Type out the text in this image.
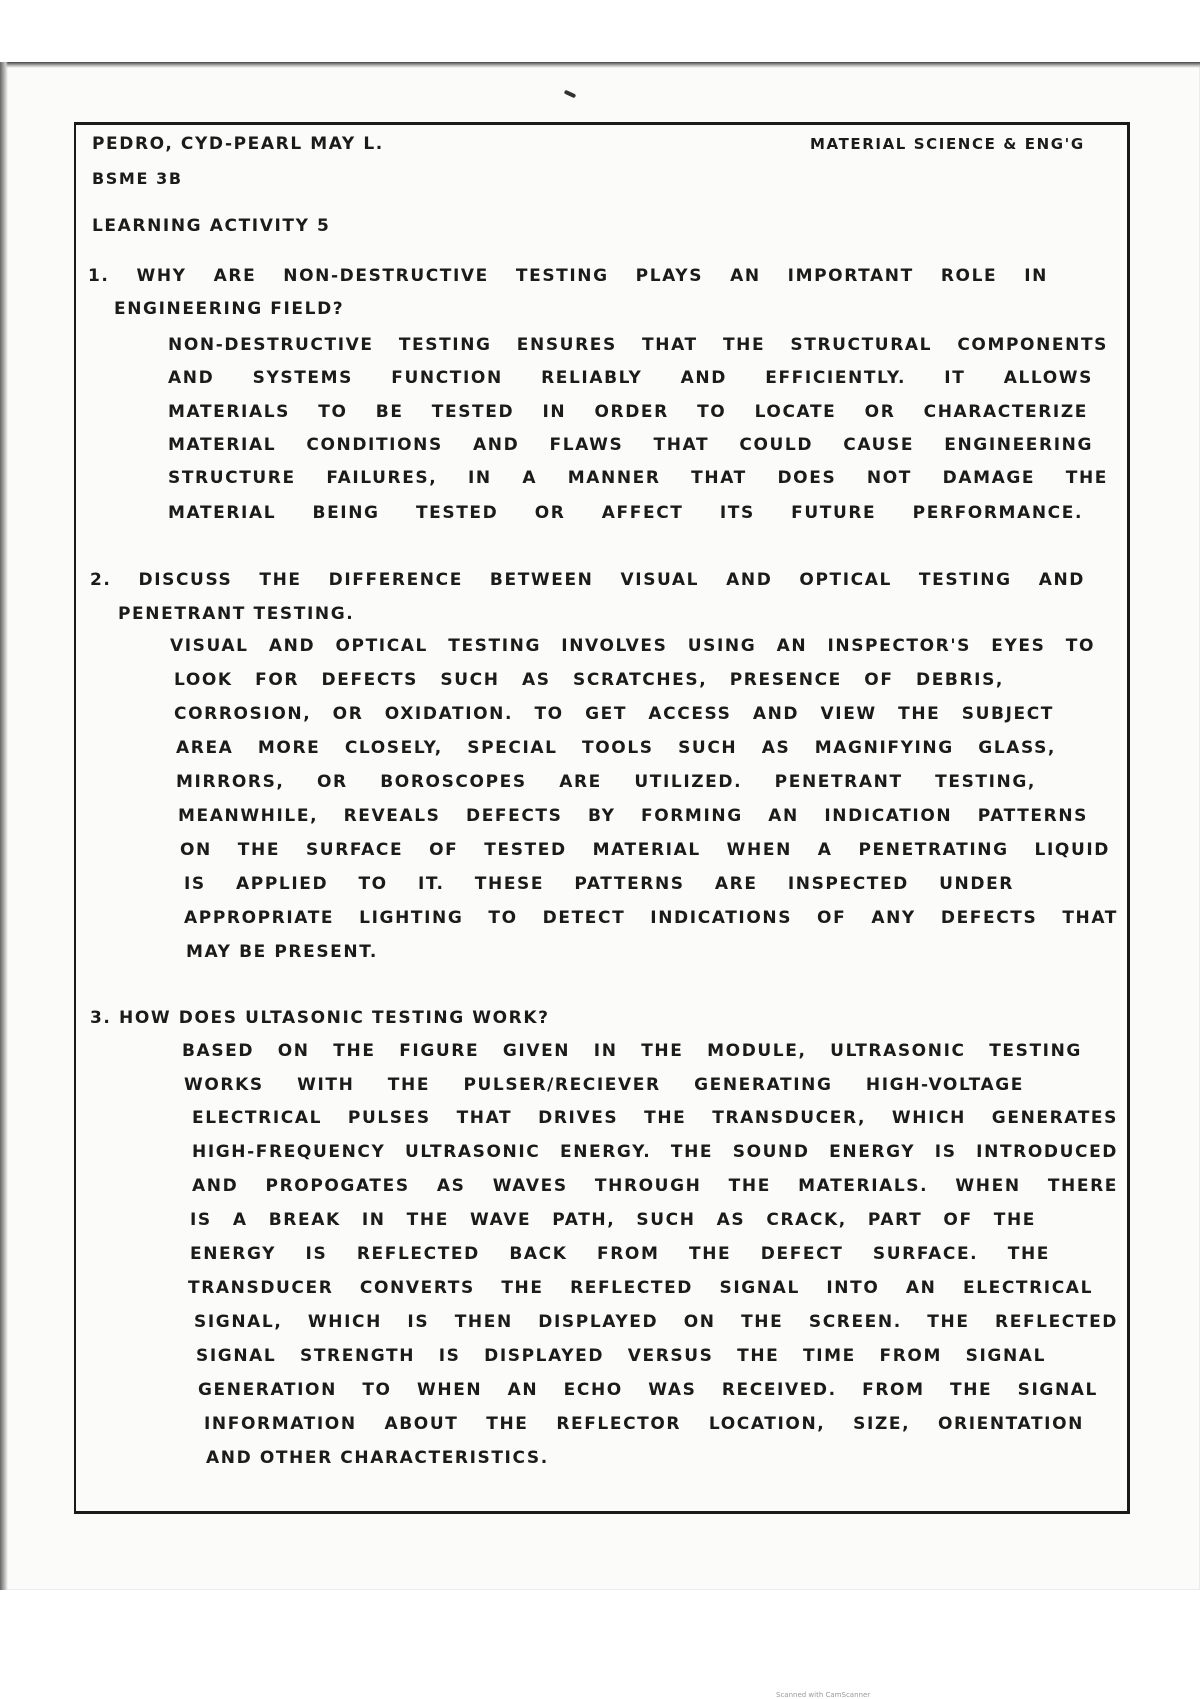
PEDRO, CYD-PEARL MAY L.	MATERIAL SCIENCE & ENG'G
BSME 3B
LEARNING ACTIVITY 5
1. WHY ARE NON-DESTRUCTIVE TESTING PLAYS AN IMPORTANT ROLE IN
ENGINEERING FIELD?
NON-DESTRUCTIVE TESTING ENSURES THAT THE STRUCTURAL COMPONENTS
AND SYSTEMS FUNCTION RELIABLY AND EFFICIENTLY. IT ALLOWS
MATERIALS TO BE TESTED IN ORDER TO LOCATE OR CHARACTERIZE
MATERIAL CONDITIONS AND FLAWS THAT COULD CAUSE ENGINEERING
STRUCTURE FAILURES, IN A MANNER THAT DOES NOT DAMAGE THE
MATERIAL BEING TESTED OR AFFECT ITS FUTURE PERFORMANCE.
2. DISCUSS THE DIFFERENCE BETWEEN VISUAL AND OPTICAL TESTING AND
PENETRANT TESTING.
VISUAL AND OPTICAL TESTING INVOLVES USING AN INSPECTOR'S EYES TO
LOOK FOR DEFECTS SUCH AS SCRATCHES, PRESENCE OF DEBRIS,
CORROSION, OR OXIDATION. TO GET ACCESS AND VIEW THE SUBJECT
AREA MORE CLOSELY, SPECIAL TOOLS SUCH AS MAGNIFYING GLASS,
MIRRORS, OR BOROSCOPES ARE UTILIZED. PENETRANT TESTING,
MEANWHILE, REVEALS DEFECTS BY FORMING AN INDICATION PATTERNS
ON THE SURFACE OF TESTED MATERIAL WHEN A PENETRATING LIQUID
IS APPLIED TO IT. THESE PATTERNS ARE INSPECTED UNDER
APPROPRIATE LIGHTING TO DETECT INDICATIONS OF ANY DEFECTS THAT
MAY BE PRESENT.
3. HOW DOES ULTASONIC TESTING WORK?
BASED ON THE FIGURE GIVEN IN THE MODULE, ULTRASONIC TESTING
WORKS WITH THE PULSER/RECIEVER GENERATING HIGH-VOLTAGE
ELECTRICAL PULSES THAT DRIVES THE TRANSDUCER, WHICH GENERATES
HIGH-FREQUENCY ULTRASONIC ENERGY. THE SOUND ENERGY IS INTRODUCED
AND PROPOGATES AS WAVES THROUGH THE MATERIALS. WHEN THERE
IS A BREAK IN THE WAVE PATH, SUCH AS CRACK, PART OF THE
ENERGY IS REFLECTED BACK FROM THE DEFECT SURFACE. THE
TRANSDUCER CONVERTS THE REFLECTED SIGNAL INTO AN ELECTRICAL
SIGNAL, WHICH IS THEN DISPLAYED ON THE SCREEN. THE REFLECTED
SIGNAL STRENGTH IS DISPLAYED VERSUS THE TIME FROM SIGNAL
GENERATION TO WHEN AN ECHO WAS RECEIVED. FROM THE SIGNAL
INFORMATION ABOUT THE REFLECTOR LOCATION, SIZE, ORIENTATION
AND OTHER CHARACTERISTICS.
Scanned with CamScanner
